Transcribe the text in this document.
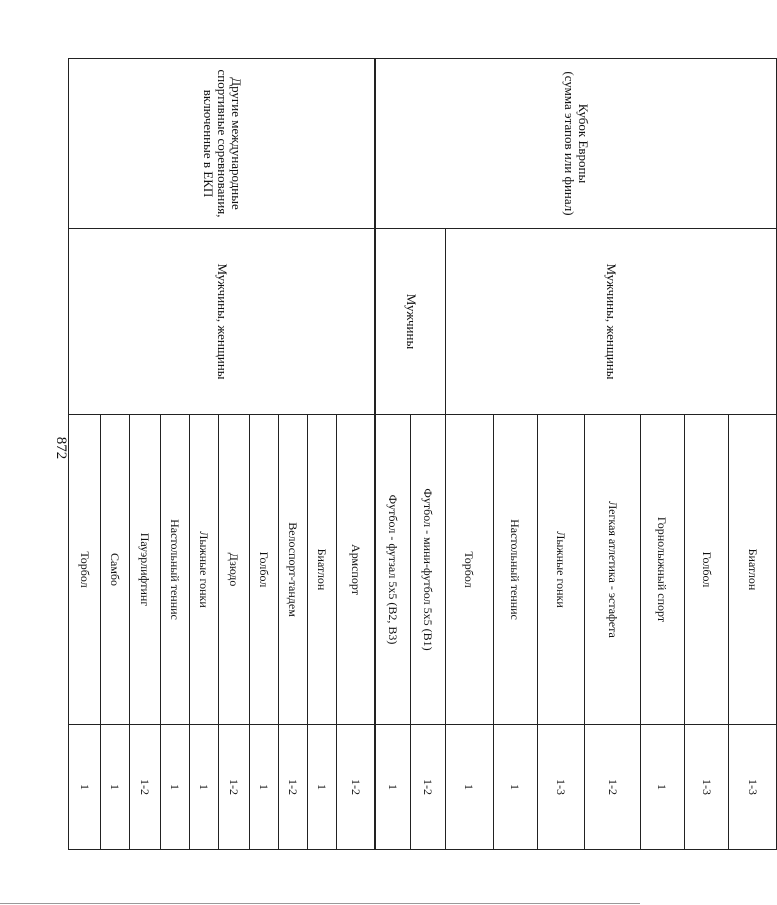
872
Кубок Европы
(сумма этапов или финал)	Мужчины, женщины	Биатлон	1-3
		Голбол	1-3
		Горнолыжный спорт	1
		Легкая атлетика - эстафета	1-2
		Лыжные гонки	1-3
		Настольный теннис	1
		Торбол	1
	Мужчины	Футбол - мини-футбол 5х5 (В1)	1-2
		Футбол - футзал 5х5 (В2, В3)	1
Другие международные
спортивные соревнования,
включенные в ЕКП	Мужчины, женщины	Армспорт	1-2
		Биатлон	1
		Велоспорт-тандем	1-2
		Голбол	1
		Дзюдо	1-2
		Лыжные гонки	1
		Настольный теннис	1
		Пауэрлифтинг	1-2
		Самбо	1
		Торбол	1
